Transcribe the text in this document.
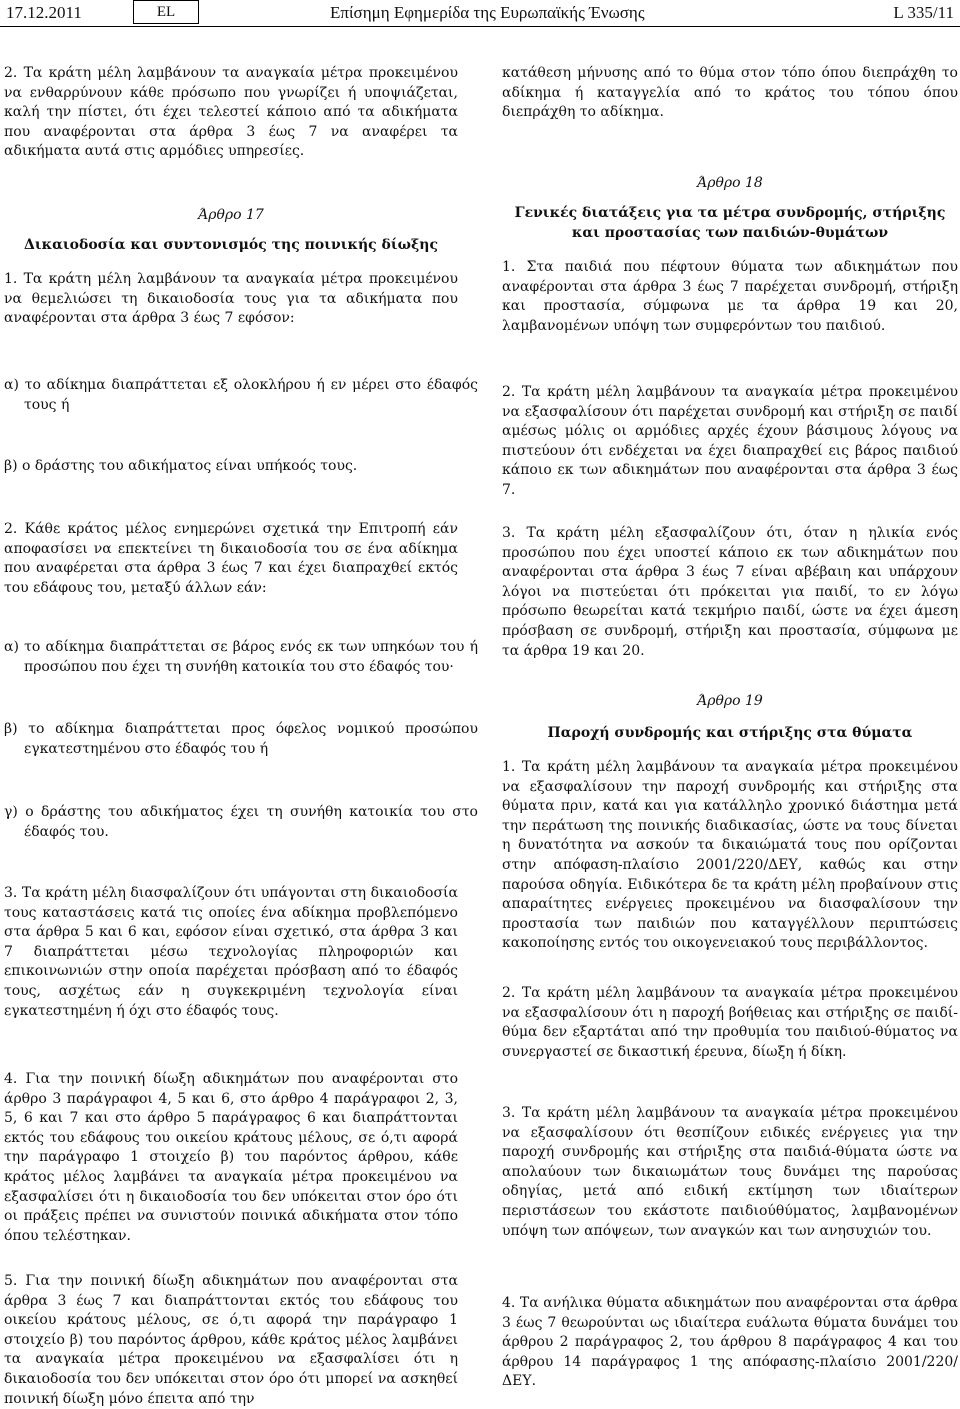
17.12.2011	EL	Επίσημη Εφημερίδα της Ευρωπαϊκής Ένωσης	L 335/11

2. Τα κράτη μέλη λαμβάνουν τα αναγκαία μέτρα προκειμένου να ενθαρρύνουν κάθε πρόσωπο που γνωρίζει ή υποψιάζεται, καλή την πίστει, ότι έχει τελεστεί κάποιο από τα αδικήματα που αναφέρονται στα άρθρα 3 έως 7 να αναφέρει τα αδικήματα αυτά στις αρμόδιες υπηρεσίες.

Άρθρο 17

Δικαιοδοσία και συντονισμός της ποινικής δίωξης

1. Τα κράτη μέλη λαμβάνουν τα αναγκαία μέτρα προκειμένου να θεμελιώσει τη δικαιοδοσία τους για τα αδικήματα που αναφέρονται στα άρθρα 3 έως 7 εφόσον:

α) το αδίκημα διαπράττεται εξ ολοκλήρου ή εν μέρει στο έδαφός τους ή

β) ο δράστης του αδικήματος είναι υπήκοός τους.

2. Κάθε κράτος μέλος ενημερώνει σχετικά την Επιτροπή εάν αποφασίσει να επεκτείνει τη δικαιοδοσία του σε ένα αδίκημα που αναφέρεται στα άρθρα 3 έως 7 και έχει διαπραχθεί εκτός του εδάφους του, μεταξύ άλλων εάν:

α) το αδίκημα διαπράττεται σε βάρος ενός εκ των υπηκόων του ή προσώπου που έχει τη συνήθη κατοικία του στο έδαφός του·

β) το αδίκημα διαπράττεται προς όφελος νομικού προσώπου εγκατεστημένου στο έδαφός του ή

γ) ο δράστης του αδικήματος έχει τη συνήθη κατοικία του στο έδαφός του.

3. Τα κράτη μέλη διασφαλίζουν ότι υπάγονται στη δικαιοδοσία τους καταστάσεις κατά τις οποίες ένα αδίκημα προβλεπόμενο στα άρθρα 5 και 6 και, εφόσον είναι σχετικό, στα άρθρα 3 και 7 διαπράττεται μέσω τεχνολογίας πληροφοριών και επικοινωνιών στην οποία παρέχεται πρόσβαση από το έδαφός τους, ασχέτως εάν η συγκεκριμένη τεχνολογία είναι εγκατεστημένη ή όχι στο έδαφός τους.

4. Για την ποινική δίωξη αδικημάτων που αναφέρονται στο άρθρο 3 παράγραφοι 4, 5 και 6, στο άρθρο 4 παράγραφοι 2, 3, 5, 6 και 7 και στο άρθρο 5 παράγραφος 6 και διαπράττονται εκτός του εδάφους του οικείου κράτους μέλους, σε ό,τι αφορά την παράγραφο 1 στοιχείο β) του παρόντος άρθρου, κάθε κράτος μέλος λαμβάνει τα αναγκαία μέτρα προκειμένου να εξασφαλίσει ότι η δικαιοδοσία του δεν υπόκειται στον όρο ότι οι πράξεις πρέπει να συνιστούν ποινικά αδικήματα στον τόπο όπου τελέστηκαν.

5. Για την ποινική δίωξη αδικημάτων που αναφέρονται στα άρθρα 3 έως 7 και διαπράττονται εκτός του εδάφους του οικείου κράτους μέλους, σε ό,τι αφορά την παράγραφο 1 στοιχείο β) του παρόντος άρθρου, κάθε κράτος μέλος λαμβάνει τα αναγκαία μέτρα προκειμένου να εξασφαλίσει ότι η δικαιοδοσία του δεν υπόκειται στον όρο ότι μπορεί να ασκηθεί ποινική δίωξη μόνο έπειτα από την

κατάθεση μήνυσης από το θύμα στον τόπο όπου διεπράχθη το αδίκημα ή καταγγελία από το κράτος του τόπου όπου διεπράχθη το αδίκημα.

Άρθρο 18

Γενικές διατάξεις για τα μέτρα συνδρομής, στήριξης και προστασίας των παιδιών-θυμάτων

1. Στα παιδιά που πέφτουν θύματα των αδικημάτων που αναφέρονται στα άρθρα 3 έως 7 παρέχεται συνδρομή, στήριξη και προστασία, σύμφωνα με τα άρθρα 19 και 20, λαμβανομένων υπόψη των συμφερόντων του παιδιού.

2. Τα κράτη μέλη λαμβάνουν τα αναγκαία μέτρα προκειμένου να εξασφαλίσουν ότι παρέχεται συνδρομή και στήριξη σε παιδί αμέσως μόλις οι αρμόδιες αρχές έχουν βάσιμους λόγους να πιστεύουν ότι ενδέχεται να έχει διαπραχθεί εις βάρος παιδιού κάποιο εκ των αδικημάτων που αναφέρονται στα άρθρα 3 έως 7.

3. Τα κράτη μέλη εξασφαλίζουν ότι, όταν η ηλικία ενός προσώπου που έχει υποστεί κάποιο εκ των αδικημάτων που αναφέρονται στα άρθρα 3 έως 7 είναι αβέβαιη και υπάρχουν λόγοι να πιστεύεται ότι πρόκειται για παιδί, το εν λόγω πρόσωπο θεωρείται κατά τεκμήριο παιδί, ώστε να έχει άμεση πρόσβαση σε συνδρομή, στήριξη και προστασία, σύμφωνα με τα άρθρα 19 και 20.

Άρθρο 19

Παροχή συνδρομής και στήριξης στα θύματα

1. Τα κράτη μέλη λαμβάνουν τα αναγκαία μέτρα προκειμένου να εξασφαλίσουν την παροχή συνδρομής και στήριξης στα θύματα πριν, κατά και για κατάλληλο χρονικό διάστημα μετά την περάτωση της ποινικής διαδικασίας, ώστε να τους δίνεται η δυνατότητα να ασκούν τα δικαιώματά τους που ορίζονται στην απόφαση-πλαίσιο 2001/220/ΔΕΥ, καθώς και στην παρούσα οδηγία. Ειδικότερα δε τα κράτη μέλη προβαίνουν στις απαραίτητες ενέργειες προκειμένου να διασφαλίσουν την προστασία των παιδιών που καταγγέλλουν περιπτώσεις κακοποίησης εντός του οικογενειακού τους περιβάλλοντος.

2. Τα κράτη μέλη λαμβάνουν τα αναγκαία μέτρα προκειμένου να εξασφαλίσουν ότι η παροχή βοήθειας και στήριξης σε παιδί-θύμα δεν εξαρτάται από την προθυμία του παιδιού-θύματος να συνεργαστεί σε δικαστική έρευνα, δίωξη ή δίκη.

3. Τα κράτη μέλη λαμβάνουν τα αναγκαία μέτρα προκειμένου να εξασφαλίσουν ότι θεσπίζουν ειδικές ενέργειες για την παροχή συνδρομής και στήριξης στα παιδιά-θύματα ώστε να απολαύουν των δικαιωμάτων τους δυνάμει της παρούσας οδηγίας, μετά από ειδική εκτίμηση των ιδιαίτερων περιστάσεων του εκάστοτε παιδιούθύματος, λαμβανομένων υπόψη των απόψεων, των αναγκών και των ανησυχιών του.

4. Τα ανήλικα θύματα αδικημάτων που αναφέρονται στα άρθρα 3 έως 7 θεωρούνται ως ιδιαίτερα ευάλωτα θύματα δυνάμει του άρθρου 2 παράγραφος 2, του άρθρου 8 παράγραφος 4 και του άρθρου 14 παράγραφος 1 της απόφασης-πλαίσιο 2001/220/ΔΕΥ.
